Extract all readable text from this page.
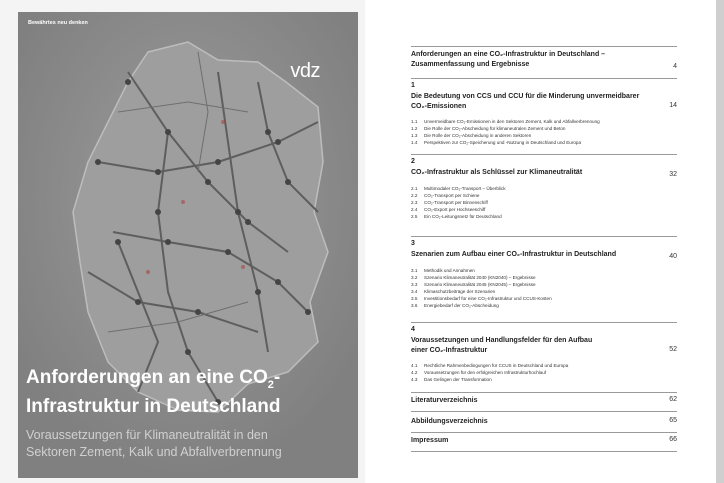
Bewährtes neu denken
vdz
Anforderungen an eine $CO_2-$
Infrastruktur in Deutschland
Voraussetzungen für Klimaneutralität in den
Sektoren Zement, Kalk und Abfallverbrennung
Anforderungen an eine CO₂-Infrastruktur in Deutschland –
Zusammenfassung und Ergebnisse	4
1
Die Bedeutung von CCS und CCU für die Minderung unvermeidbarer
CO₂-Emissionen	14
1.1 Unvermeidbare CO₂-Emissionen in den Sektoren Zement, Kalk und Abfallverbrennung
1.2 Die Rolle der CO₂-Abscheidung für klimaneutralen Zement und Beton
1.3 Die Rolle der CO₂-Abscheidung in anderen Sektoren
1.4 Perspektiven zur CO₂-Speicherung und -Nutzung in Deutschland und Europa
2
CO₂-Infrastruktur als Schlüssel zur Klimaneutralität	32
2.1 Multimodaler CO₂-Transport – Überblick
2.2 CO₂-Transport per Schiene
2.3 CO₂-Transport per Binnenschiff
2.4 CO₂-Export per Hochseeschiff
2.5 Ein CO₂-Leitungsnetz für Deutschland
3
Szenarien zum Aufbau einer CO₂-Infrastruktur in Deutschland	40
3.1 Methodik und Annahmen
3.2 Szenario Klimaneutralität 2040 (KN2040) – Ergebnisse
3.3 Szenario Klimaneutralität 2045 (KN2045) – Ergebnisse
3.4 Klimaschutzbeiträge der Szenarien
3.5 Investitionsbedarf für eine CO₂-Infrastruktur und CCUS-Kosten
3.6 Energiebedarf der CO₂-Abscheidung
4
Voraussetzungen und Handlungsfelder für den Aufbau
einer CO₂-Infrastruktur	52
4.1 Rechtliche Rahmenbedingungen für CCUS in Deutschland und Europa
4.2 Voraussetzungen für den erfolgreichen Infrastrukturhochlauf
4.3 Das Gelingen der Transformation
Literaturverzeichnis	62
Abbildungsverzeichnis	65
Impressum	66
